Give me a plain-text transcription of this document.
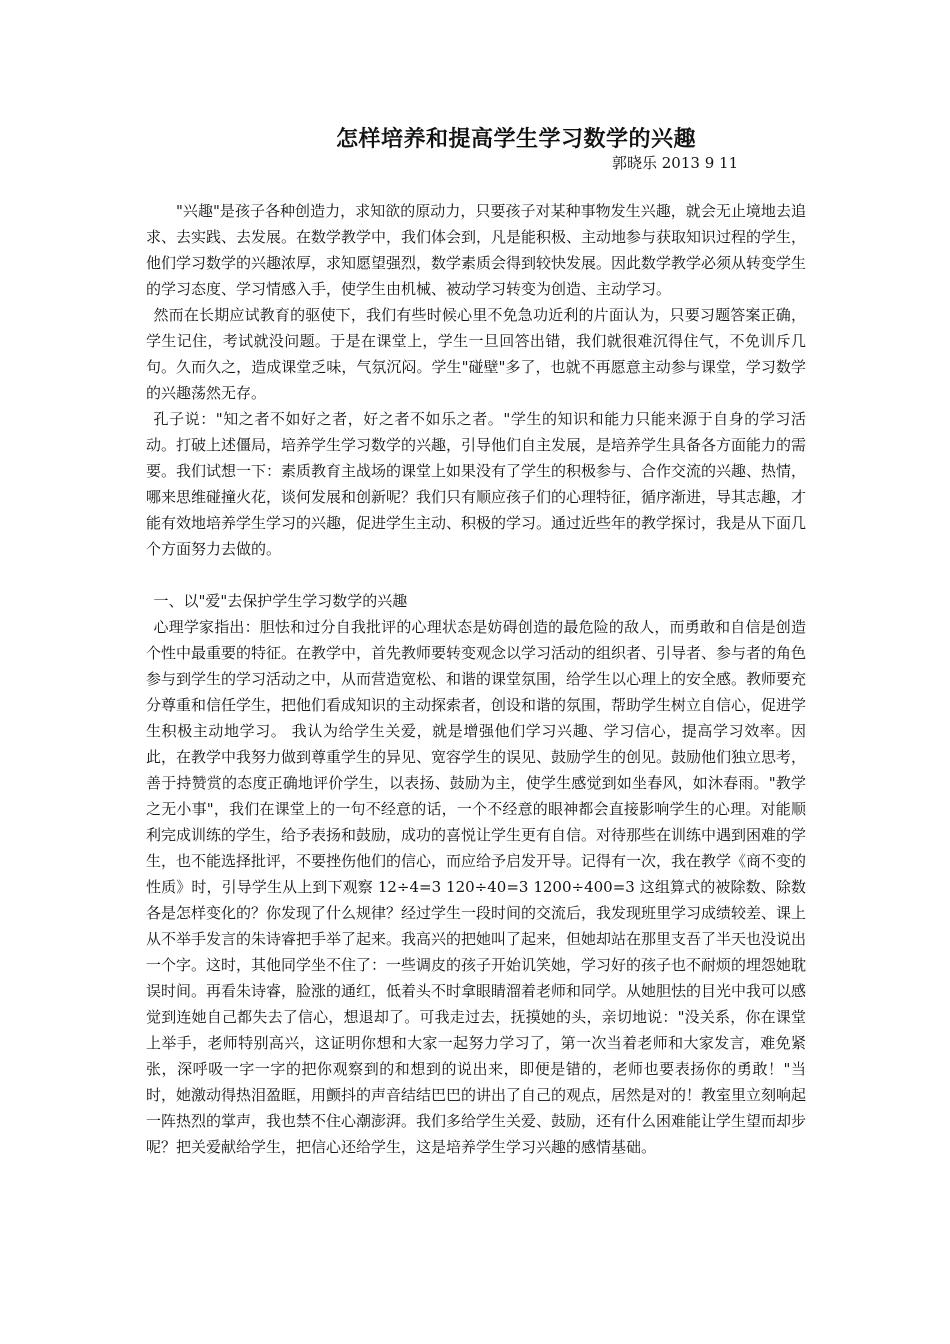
怎样培养和提高学生学习数学的兴趣
郭晓乐 2013 9 11

"兴趣"是孩子各种创造力，求知欲的原动力，只要孩子对某种事物发生兴趣，就会无止境地去追求、去实践、去发展。在数学教学中，我们体会到，凡是能积极、主动地参与获取知识过程的学生，他们学习数学的兴趣浓厚，求知愿望强烈，数学素质会得到较快发展。因此数学教学必须从转变学生的学习态度、学习情感入手，使学生由机械、被动学习转变为创造、主动学习。

然而在长期应试教育的驱使下，我们有些时候心里不免急功近利的片面认为，只要习题答案正确，学生记住，考试就没问题。于是在课堂上，学生一旦回答出错，我们就很难沉得住气，不免训斥几句。久而久之，造成课堂乏味，气氛沉闷。学生"碰壁"多了，也就不再愿意主动参与课堂，学习数学的兴趣荡然无存。

孔子说："知之者不如好之者，好之者不如乐之者。"学生的知识和能力只能来源于自身的学习活动。打破上述僵局，培养学生学习数学的兴趣，引导他们自主发展，是培养学生具备各方面能力的需要。我们试想一下：素质教育主战场的课堂上如果没有了学生的积极参与、合作交流的兴趣、热情，哪来思维碰撞火花，谈何发展和创新呢？我们只有顺应孩子们的心理特征，循序渐进，导其志趣，才能有效地培养学生学习的兴趣，促进学生主动、积极的学习。通过近些年的教学探讨，我是从下面几个方面努力去做的。

一、以"爱"去保护学生学习数学的兴趣

心理学家指出：胆怯和过分自我批评的心理状态是妨碍创造的最危险的敌人，而勇敢和自信是创造个性中最重要的特征。在教学中，首先教师要转变观念以学习活动的组织者、引导者、参与者的角色参与到学生的学习活动之中，从而营造宽松、和谐的课堂氛围，给学生以心理上的安全感。教师要充分尊重和信任学生，把他们看成知识的主动探索者，创设和谐的氛围，帮助学生树立自信心，促进学生积极主动地学习。 我认为给学生关爱，就是增强他们学习兴趣、学习信心，提高学习效率。因此，在教学中我努力做到尊重学生的异见、宽容学生的误见、鼓励学生的创见。鼓励他们独立思考，善于持赞赏的态度正确地评价学生，以表扬、鼓励为主，使学生感觉到如坐春风，如沐春雨。"教学之无小事"，我们在课堂上的一句不经意的话，一个不经意的眼神都会直接影响学生的心理。对能顺利完成训练的学生，给予表扬和鼓励，成功的喜悦让学生更有自信。对待那些在训练中遇到困难的学生，也不能选择批评，不要挫伤他们的信心，而应给予启发开导。记得有一次，我在教学《商不变的性质》时，引导学生从上到下观察 12÷4=3 120÷40=3 1200÷400=3 这组算式的被除数、除数各是怎样变化的？你发现了什么规律？经过学生一段时间的交流后，我发现班里学习成绩较差、课上从不举手发言的朱诗睿把手举了起来。我高兴的把她叫了起来，但她却站在那里支吾了半天也没说出一个字。这时，其他同学坐不住了：一些调皮的孩子开始讥笑她，学习好的孩子也不耐烦的埋怨她耽误时间。再看朱诗睿，脸涨的通红，低着头不时拿眼睛溜着老师和同学。从她胆怯的目光中我可以感觉到连她自己都失去了信心，想退却了。可我走过去，抚摸她的头，亲切地说："没关系，你在课堂上举手，老师特别高兴，这证明你想和大家一起努力学习了，第一次当着老师和大家发言，难免紧张，深呼吸一字一字的把你观察到的和想到的说出来，即便是错的，老师也要表扬你的勇敢！"当时，她激动得热泪盈眶，用颤抖的声音结结巴巴的讲出了自己的观点，居然是对的！教室里立刻响起一阵热烈的掌声，我也禁不住心潮澎湃。我们多给学生关爱、鼓励，还有什么困难能让学生望而却步呢？把关爱献给学生，把信心还给学生，这是培养学生学习兴趣的感情基础。
